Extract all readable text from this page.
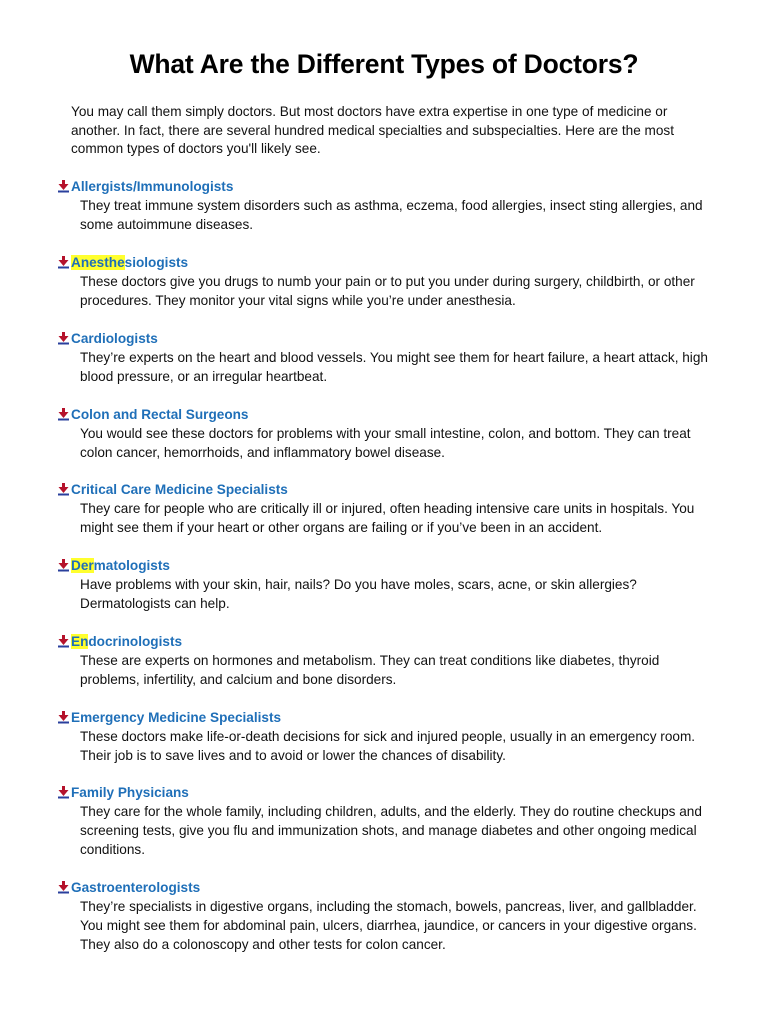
What Are the Different Types of Doctors?
You may call them simply doctors. But most doctors have extra expertise in one type of medicine or another. In fact, there are several hundred medical specialties and subspecialties. Here are the most common types of doctors you'll likely see.
Allergists/Immunologists
They treat immune system disorders such as asthma, eczema, food allergies, insect sting allergies, and some autoimmune diseases.
Anesthesiologists
These doctors give you drugs to numb your pain or to put you under during surgery, childbirth, or other procedures. They monitor your vital signs while you’re under anesthesia.
Cardiologists
They’re experts on the heart and blood vessels. You might see them for heart failure, a heart attack, high blood pressure, or an irregular heartbeat.
Colon and Rectal Surgeons
You would see these doctors for problems with your small intestine, colon, and bottom. They can treat colon cancer, hemorrhoids, and inflammatory bowel disease.
Critical Care Medicine Specialists
They care for people who are critically ill or injured, often heading intensive care units in hospitals. You might see them if your heart or other organs are failing or if you’ve been in an accident.
Dermatologists
Have problems with your skin, hair, nails? Do you have moles, scars, acne, or skin allergies? Dermatologists can help.
Endocrinologists
These are experts on hormones and metabolism. They can treat conditions like diabetes, thyroid problems, infertility, and calcium and bone disorders.
Emergency Medicine Specialists
These doctors make life-or-death decisions for sick and injured people, usually in an emergency room. Their job is to save lives and to avoid or lower the chances of disability.
Family Physicians
They care for the whole family, including children, adults, and the elderly. They do routine checkups and screening tests, give you flu and immunization shots, and manage diabetes and other ongoing medical conditions.
Gastroenterologists
They’re specialists in digestive organs, including the stomach, bowels, pancreas, liver, and gallbladder. You might see them for abdominal pain, ulcers, diarrhea, jaundice, or cancers in your digestive organs. They also do a colonoscopy and other tests for colon cancer.
